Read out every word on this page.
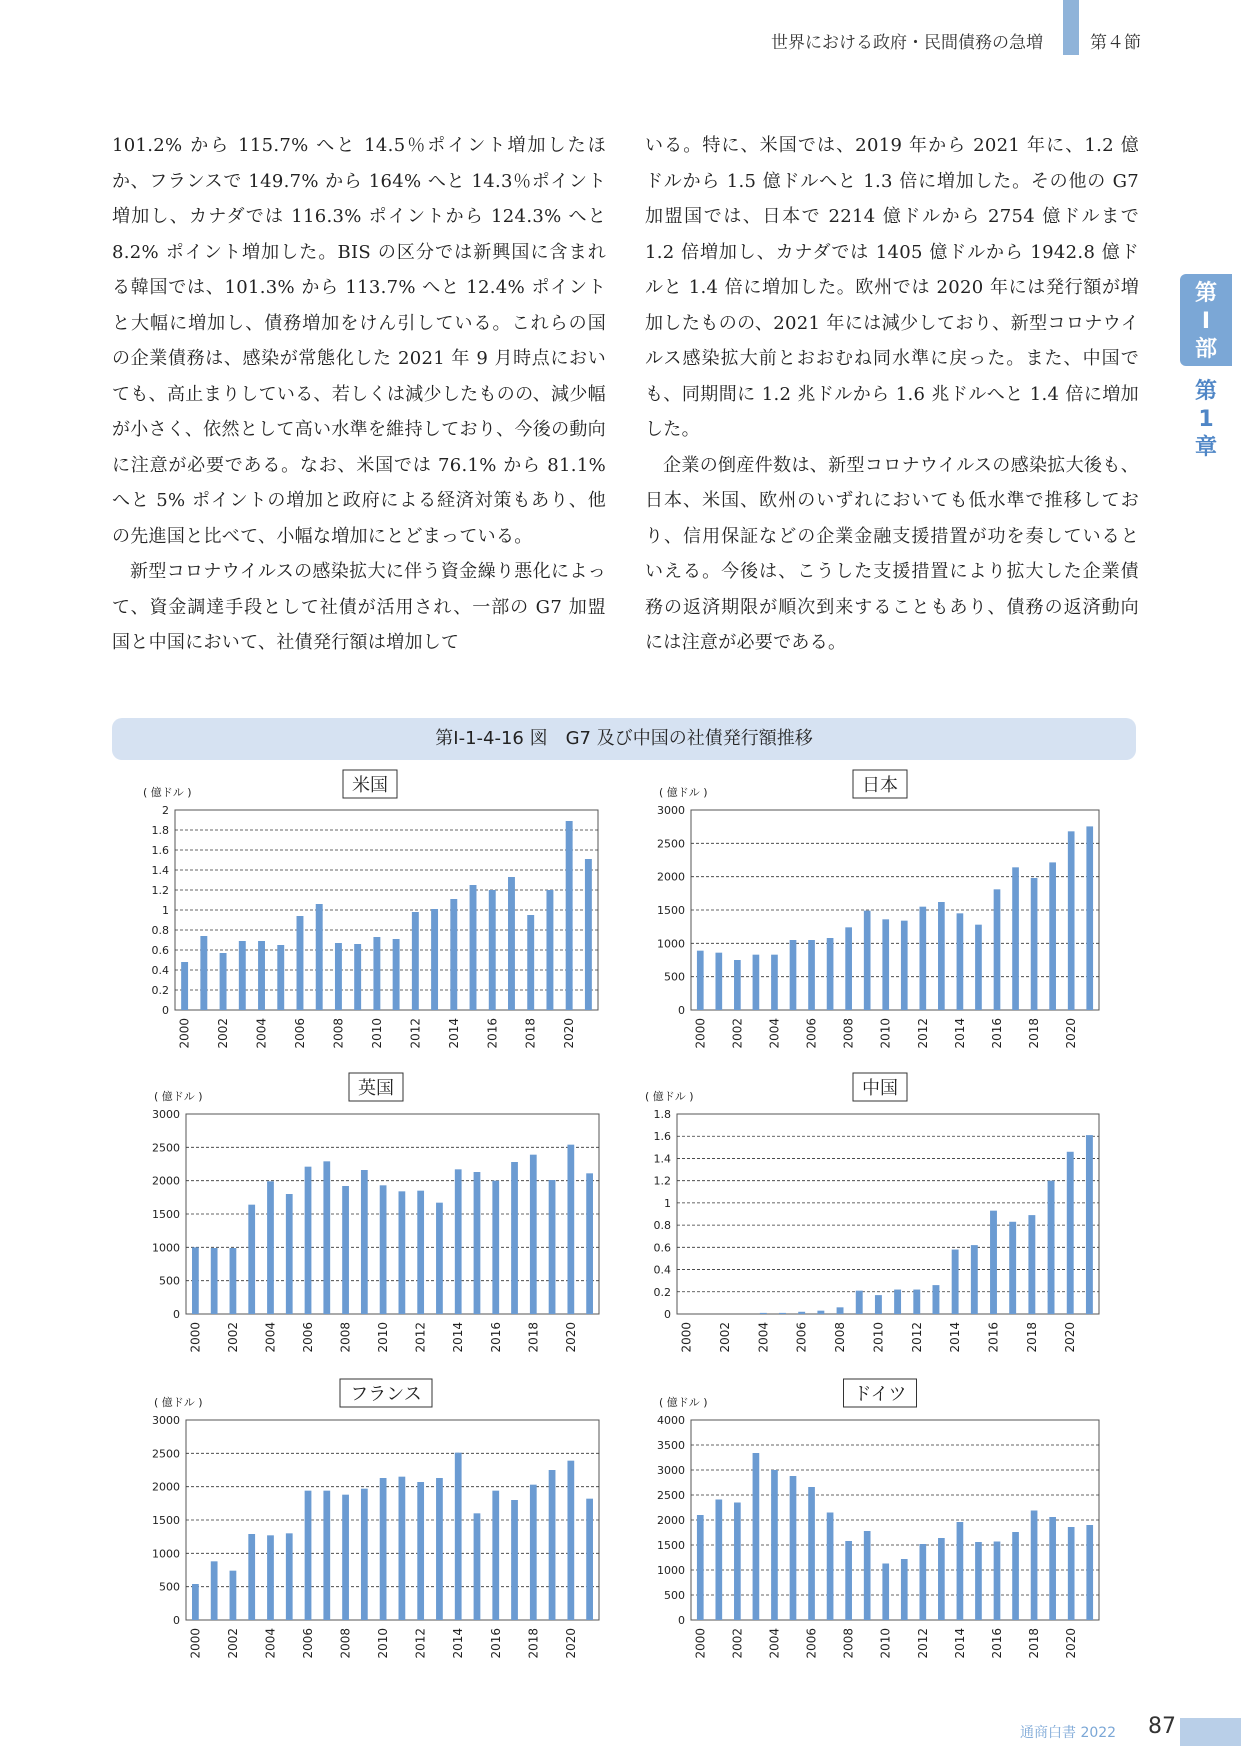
世界における政府・民間債務の急増	第４節
第
Ⅰ
部
第
1
章

101.2% から 115.7% へと 14.5％ポイント増加したほか、フランスで 149.7% から 164% へと 14.3％ポイント増加し、カナダでは 116.3% ポイントから 124.3% へと 8.2% ポイント増加した。BIS の区分では新興国に含まれる韓国では、101.3% から 113.7% へと 12.4% ポイントと大幅に増加し、債務増加をけん引している。これらの国の企業債務は、感染が常態化した 2021 年 9 月時点においても、高止まりしている、若しくは減少したものの、減少幅が小さく、依然として高い水準を維持しており、今後の動向に注意が必要である。なお、米国では 76.1% から 81.1% へと 5% ポイントの増加と政府による経済対策もあり、他の先進国と比べて、小幅な増加にとどまっている。

新型コロナウイルスの感染拡大に伴う資金繰り悪化によって、資金調達手段として社債が活用され、一部の G7 加盟国と中国において、社債発行額は増加して

いる。特に、米国では、2019 年から 2021 年に、1.2 億ドルから 1.5 億ドルへと 1.3 倍に増加した。その他の G7 加盟国では、日本で 2214 億ドルから 2754 億ドルまで 1.2 倍増加し、カナダでは 1405 億ドルから 1942.8 億ドルと 1.4 倍に増加した。欧州では 2020 年には発行額が増加したものの、2021 年には減少しており、新型コロナウイルス感染拡大前とおおむね同水準に戻った。また、中国でも、同期間に 1.2 兆ドルから 1.6 兆ドルへと 1.4 倍に増加した。

企業の倒産件数は、新型コロナウイルスの感染拡大後も、日本、米国、欧州のいずれにおいても低水準で推移しており、信用保証などの企業金融支援措置が功を奏しているといえる。今後は、こうした支援措置により拡大した企業債務の返済期限が順次到来することもあり、債務の返済動向には注意が必要である。

第Ⅰ-1-4-16 図　G7 及び中国の社債発行額推移
0
0.2
0.4
0.6
0.8
1
1.2
1.4
1.6
1.8
2
( 億ドル )
2000 2002 2004 2006 2008 2010 2012 2014 2016 2018 2020
米国
0
500
1000
1500
2000
2500
3000
( 億ドル )
2000 2002 2004 2006 2008 2010 2012 2014 2016 2018 2020
日本
0
500
1000
1500
2000
2500
3000
( 億ドル )
2000 2002 2004 2006 2008 2010 2012 2014 2016 2018 2020
英国
0
0.2
0.4
0.6
0.8
1
1.2
1.4
1.6
1.8
( 億ドル )
2000 2002 2004 2006 2008 2010 2012 2014 2016 2018 2020
中国
0
500
1000
1500
2000
2500
3000
( 億ドル )
2000 2002 2004 2006 2008 2010 2012 2014 2016 2018 2020
フランス
0
500
1000
1500
2000
2500
3000
3500
4000
( 億ドル )
2000 2002 2004 2006 2008 2010 2012 2014 2016 2018 2020
ドイツ
通商白書 2022 87
